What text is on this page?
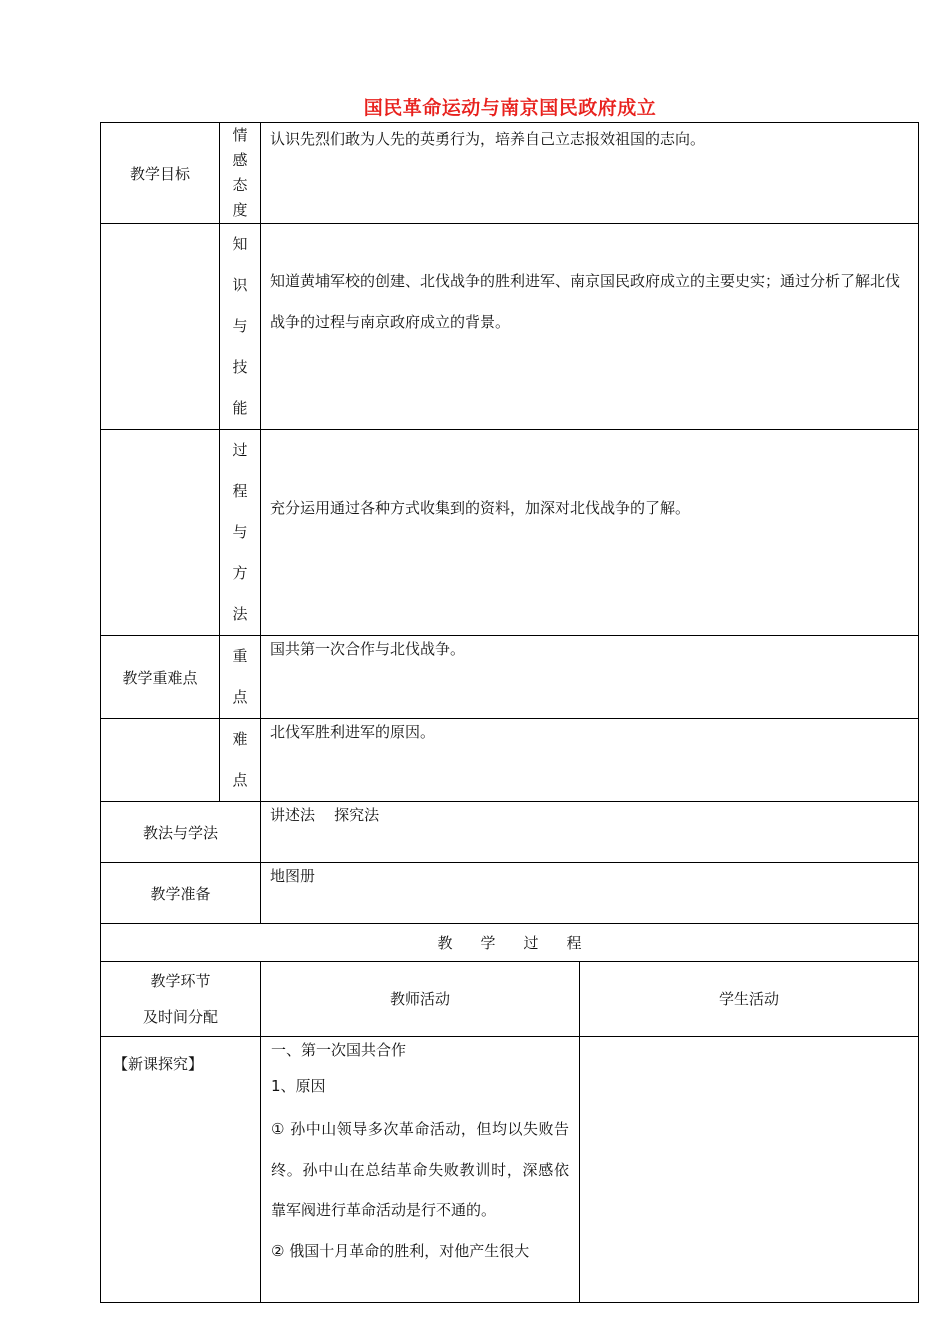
国民革命运动与南京国民政府成立
教学目标	情
感
态
度	认识先烈们敢为人先的英勇行为，培养自己立志报效祖国的志向。	

	知
识
与
技
能	知道黄埔军校的创建、北伐战争的胜利进军、南京国民政府成立的主要史实；通过分析了解北伐战争的过程与南京政府成立的背景。	

	过
程
与
方
法	充分运用通过各种方式收集到的资料，加深对北伐战争的了解。	

教学重难点	重
点	国共第一次合作与北伐战争。	

	难
点	北伐军胜利进军的原因。	

教法与学法		讲述法    探究法	

教学准备		地图册	

教学过程			

教学环节
及时间分配		教师活动	学生活动

【新课探究】		一、第一次国共合作

1、原因

① 孙中山领导多次革命活动，但均以失败告终。孙中山在总结革命失败教训时，深感依靠军阀进行革命活动是行不通的。

② 俄国十月革命的胜利，对他产生很大	
